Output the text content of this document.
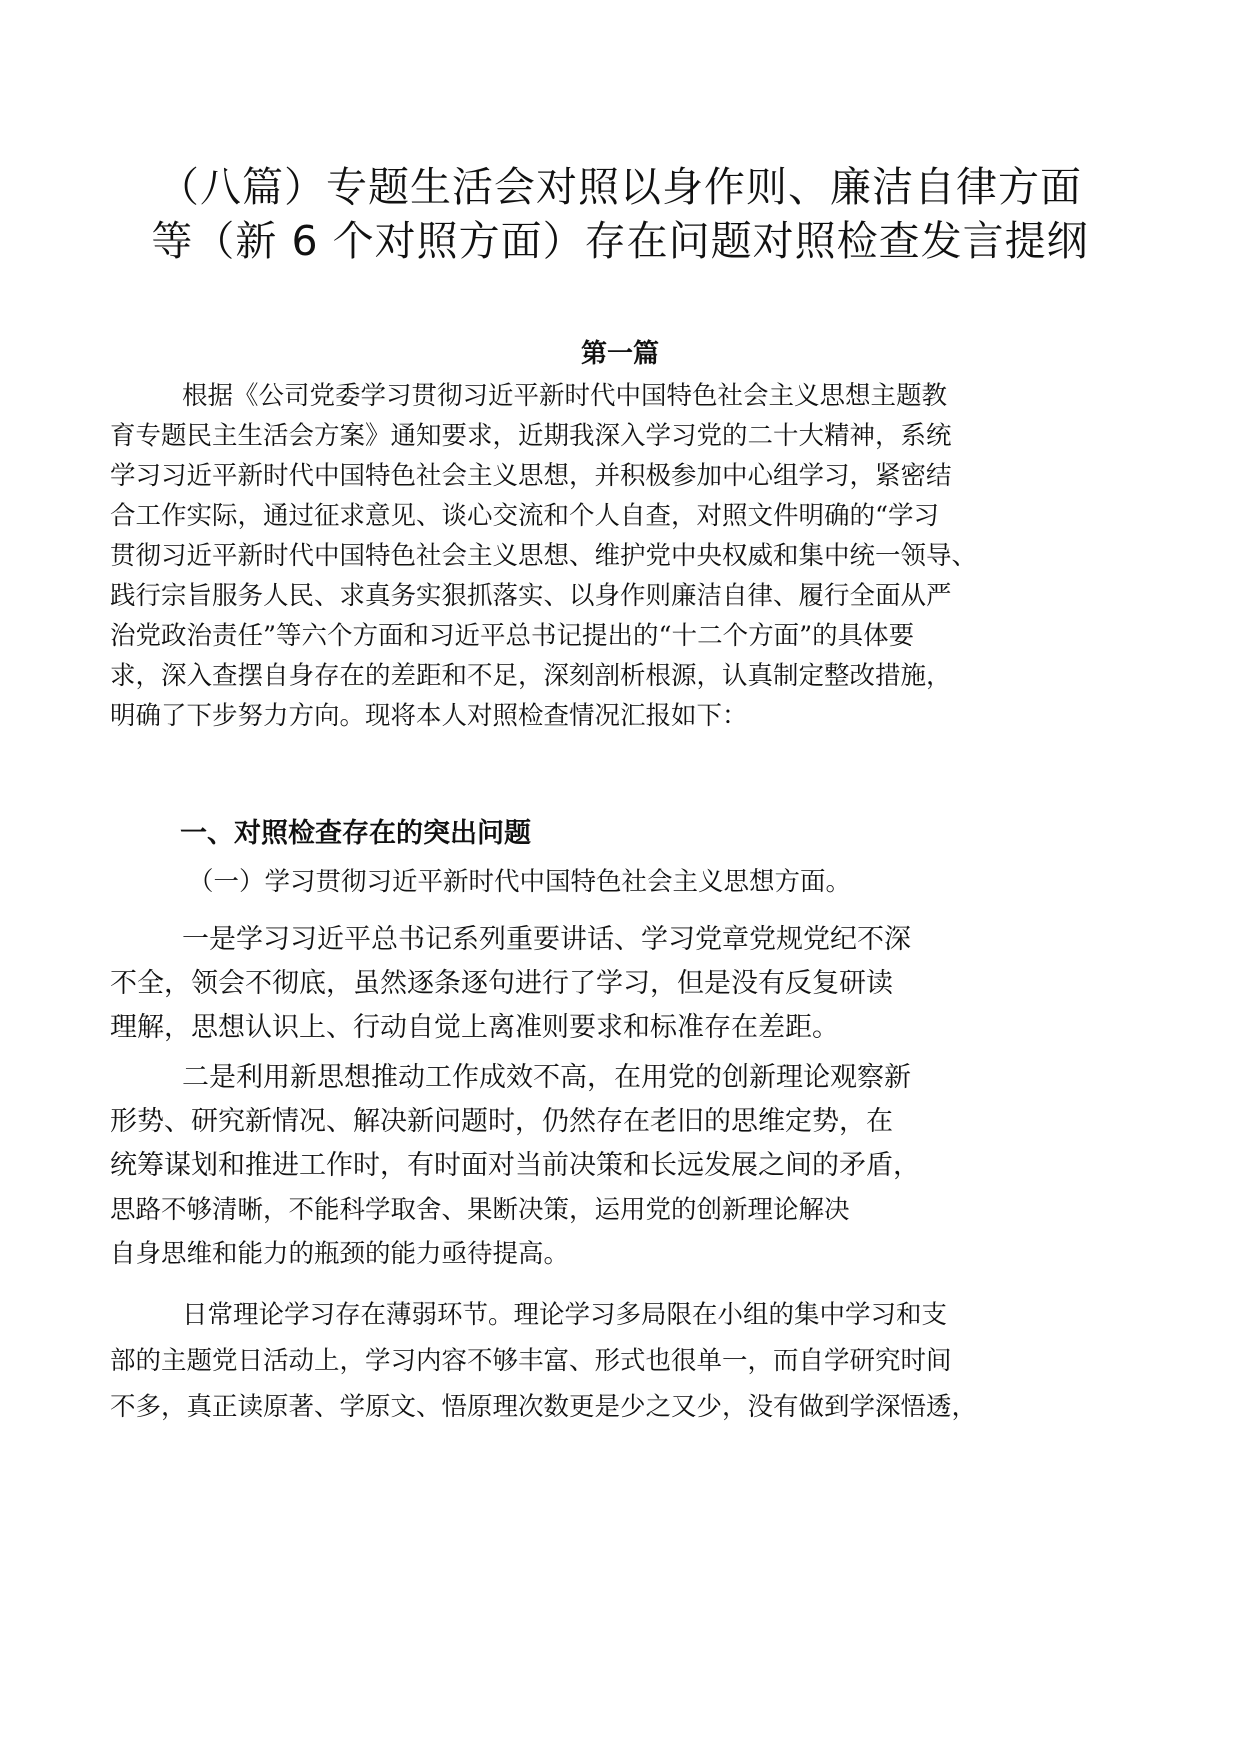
（八篇）专题生活会对照以身作则、廉洁自律方面
等（新 6 个对照方面）存在问题对照检查发言提纲
第一篇
根据《公司党委学习贯彻习近平新时代中国特色社会主义思想主题教
育专题民主生活会方案》通知要求，近期我深入学习党的二十大精神，系统
学习习近平新时代中国特色社会主义思想，并积极参加中心组学习，紧密结
合工作实际，通过征求意见、谈心交流和个人自查，对照文件明确的“学习
贯彻习近平新时代中国特色社会主义思想、维护党中央权威和集中统一领导、
践行宗旨服务人民、求真务实狠抓落实、以身作则廉洁自律、履行全面从严
治党政治责任”等六个方面和习近平总书记提出的“十二个方面”的具体要
求，深入查摆自身存在的差距和不足，深刻剖析根源，认真制定整改措施，
明确了下步努力方向。现将本人对照检查情况汇报如下：
一、对照检查存在的突出问题
（一）学习贯彻习近平新时代中国特色社会主义思想方面。
一是学习习近平总书记系列重要讲话、学习党章党规党纪不深
不全，领会不彻底，虽然逐条逐句进行了学习，但是没有反复研读
理解，思想认识上、行动自觉上离准则要求和标准存在差距。
二是利用新思想推动工作成效不高，在用党的创新理论观察新
形势、研究新情况、解决新问题时，仍然存在老旧的思维定势，在
统筹谋划和推进工作时，有时面对当前决策和长远发展之间的矛盾，
思路不够清晰，不能科学取舍、果断决策，运用党的创新理论解决
自身思维和能力的瓶颈的能力亟待提高。
日常理论学习存在薄弱环节。理论学习多局限在小组的集中学习和支
部的主题党日活动上，学习内容不够丰富、形式也很单一，而自学研究时间
不多，真正读原著、学原文、悟原理次数更是少之又少，没有做到学深悟透，
